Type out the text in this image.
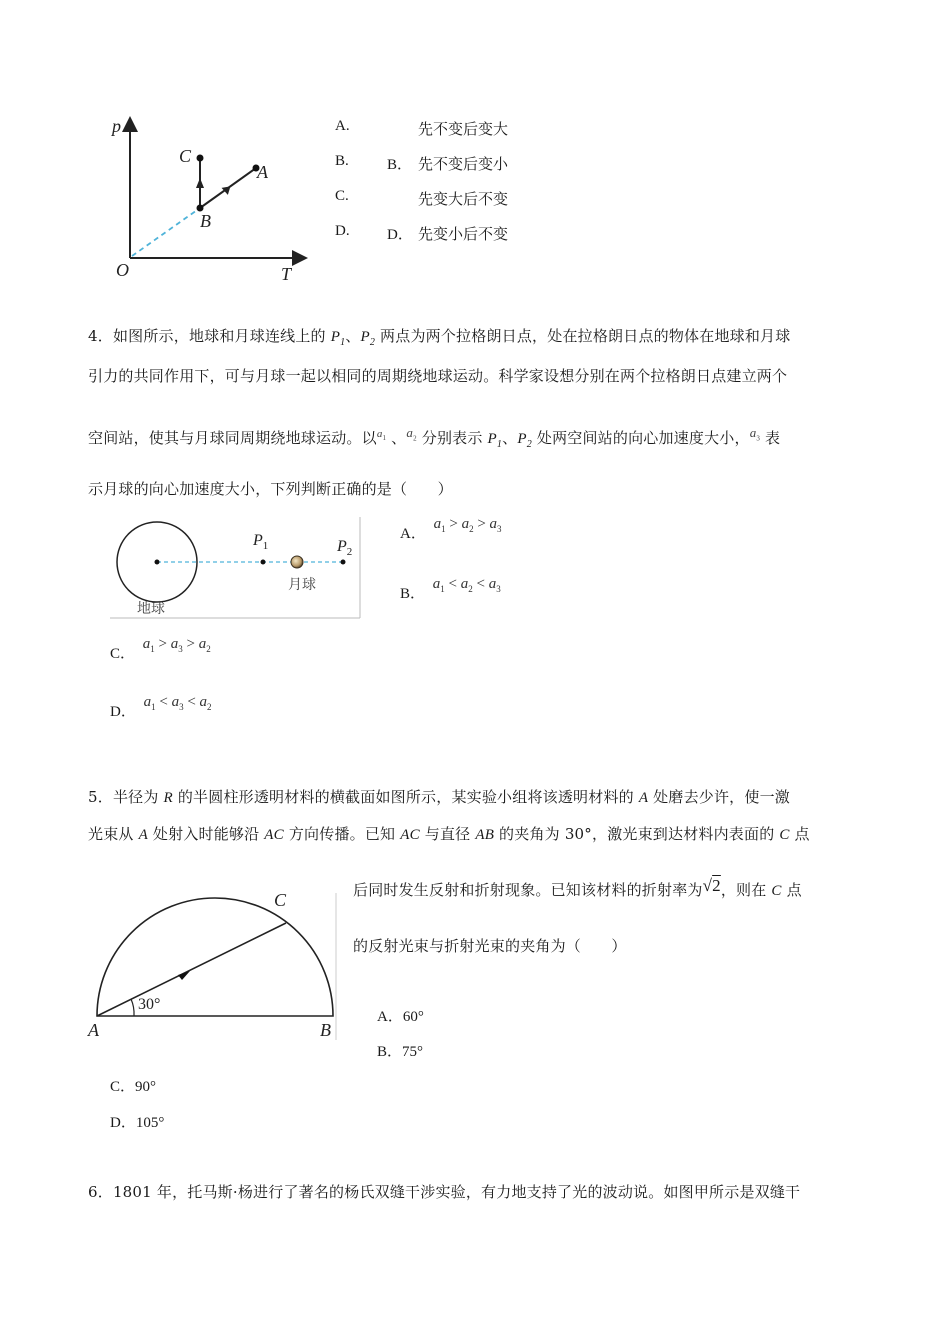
p
T
O
C
B
A
A.	先不变后变大
B.	B． 先不变后变小
C.	先变大后不变
D. D． 先变小后不变
4．如图所示，地球和月球连线上的 $P_1$、$P_2$ 两点为两个拉格朗日点，处在拉格朗日点的物体在地球和月球
引力的共同作用下，可与月球一起以相同的周期绕地球运动。科学家设想分别在两个拉格朗日点建立两个
空间站，使其与月球同周期绕地球运动。以$^{a_1}$ 、$a_2$ 分别表示 $P_1$、$P_2$ 处两空间站的向心加速度大小，$a_3$ 表
示月球的向心加速度大小，下列判断正确的是（　　）
地球
月球
$P_1$	$P_2$
A． $a_1 > a_2 > a_3$
B． $a_1 < a_2 < a_3$
C． $a_1 > a_3 > a_2$
D． $a_1 < a_3 < a_2$
5．半径为 R 的半圆柱形透明材料的横截面如图所示，某实验小组将该透明材料的 A 处磨去少许，使一激
光束从 A 处射入时能够沿 AC 方向传播。已知 AC 与直径 AB 的夹角为 30°，激光束到达材料内表面的 C 点
后同时发生反射和折射现象。已知该材料的折射率为√2，则在 C 点
的反射光束与折射光束的夹角为（　　）
A	B
C
30°
A．60°
B．75°
C．90°
D．105°
6．1801 年，托马斯·杨进行了著名的杨氏双缝干涉实验，有力地支持了光的波动说。如图甲所示是双缝干
